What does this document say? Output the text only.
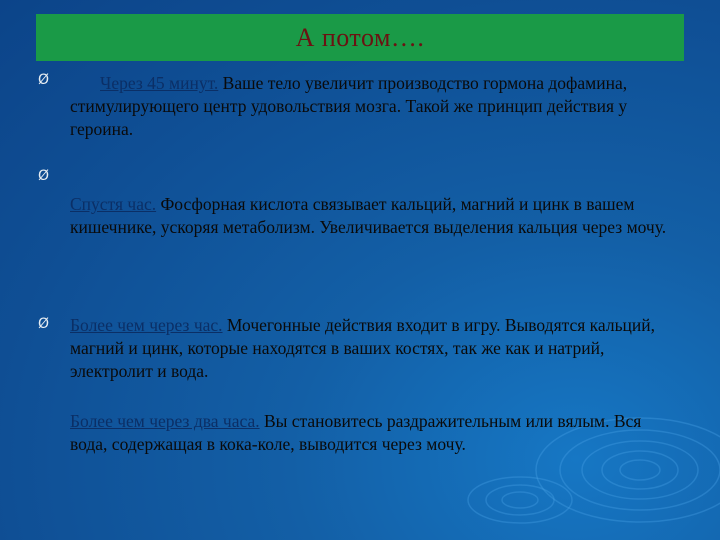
А потом….
Ø	Через 45 минут. Ваше тело увеличит производство гормона дофамина, стимулирующего центр удовольствия мозга. Такой же принцип действия у героина.
Ø
Спустя час. Фосфорная кислота связывает кальций, магний и цинк в вашем кишечнике, ускоряя метаболизм. Увеличивается выделения кальция через мочу.
Ø Более чем через час. Мочегонные действия входит в игру. Выводятся кальций, магний и цинк, которые находятся в ваших костях, так же как и натрий, электролит и вода.
Более чем через два часа. Вы становитесь раздражительным или вялым. Вся вода, содержащая в кока-коле, выводится через мочу.
